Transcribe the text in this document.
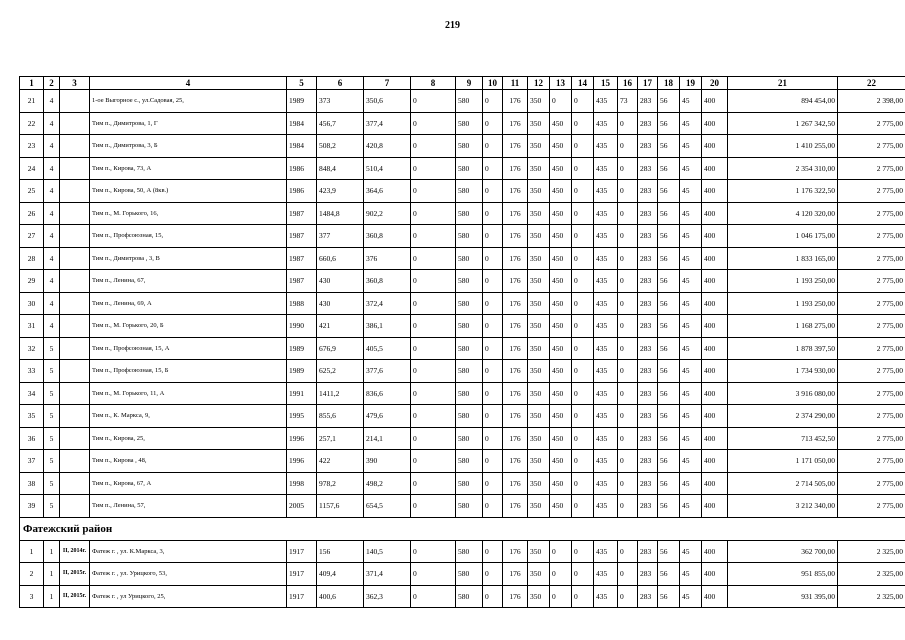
219
1	2	3	4	5	6	7	8	9	10	11	12	13	14	15	16	17	18	19	20	21	22
21	4		1-ое Выгорное с., ул.Садовая, 25,	1989	373	350,6	0	580	0	176	350	0	0	435	73	283	56	45	400	894 454,00	2 398,00
22	4		Тим п., Димитрова, 1, Г	1984	456,7	377,4	0	580	0	176	350	450	0	435	0	283	56	45	400	1 267 342,50	2 775,00
23	4		Тим п., Димитрова, 3, Б	1984	508,2	420,8	0	580	0	176	350	450	0	435	0	283	56	45	400	1 410 255,00	2 775,00
24	4		Тим п., Кирова, 73, А	1986	848,4	510,4	0	580	0	176	350	450	0	435	0	283	56	45	400	2 354 310,00	2 775,00
25	4		Тим п., Кирова, 50, А (8кв.)	1986	423,9	364,6	0	580	0	176	350	450	0	435	0	283	56	45	400	1 176 322,50	2 775,00
26	4		Тим п., М. Горького, 16,	1987	1484,8	902,2	0	580	0	176	350	450	0	435	0	283	56	45	400	4 120 320,00	2 775,00
27	4		Тим п., Профсоюзная, 15,	1987	377	360,8	0	580	0	176	350	450	0	435	0	283	56	45	400	1 046 175,00	2 775,00
28	4		Тим п., Димитрова , 3, В	1987	660,6	376	0	580	0	176	350	450	0	435	0	283	56	45	400	1 833 165,00	2 775,00
29	4		Тим п., Ленина, 67,	1987	430	360,8	0	580	0	176	350	450	0	435	0	283	56	45	400	1 193 250,00	2 775,00
30	4		Тим п., Ленина, 69, А	1988	430	372,4	0	580	0	176	350	450	0	435	0	283	56	45	400	1 193 250,00	2 775,00
31	4		Тим п., М. Горького, 20, Б	1990	421	386,1	0	580	0	176	350	450	0	435	0	283	56	45	400	1 168 275,00	2 775,00
32	5		Тим п., Профсоюзная, 15, А	1989	676,9	405,5	0	580	0	176	350	450	0	435	0	283	56	45	400	1 878 397,50	2 775,00
33	5		Тим п., Профсоюзная, 15, Б	1989	625,2	377,6	0	580	0	176	350	450	0	435	0	283	56	45	400	1 734 930,00	2 775,00
34	5		Тим п., М. Горького, 11, А	1991	1411,2	836,6	0	580	0	176	350	450	0	435	0	283	56	45	400	3 916 080,00	2 775,00
35	5		Тим п., К. Маркса, 9,	1995	855,6	479,6	0	580	0	176	350	450	0	435	0	283	56	45	400	2 374 290,00	2 775,00
36	5		Тим п., Кирова, 25,	1996	257,1	214,1	0	580	0	176	350	450	0	435	0	283	56	45	400	713 452,50	2 775,00
37	5		Тим п., Кирова , 48,	1996	422	390	0	580	0	176	350	450	0	435	0	283	56	45	400	1 171 050,00	2 775,00
38	5		Тим п., Кирова, 67, А	1998	978,2	498,2	0	580	0	176	350	450	0	435	0	283	56	45	400	2 714 505,00	2 775,00
39	5		Тим п., Ленина, 57,	2005	1157,6	654,5	0	580	0	176	350	450	0	435	0	283	56	45	400	3 212 340,00	2 775,00
Фатежский район																					
1	1	II, 2014г.	Фатеж г. , ул. К.Маркса, 3,	1917	156	140,5	0	580	0	176	350	0	0	435	0	283	56	45	400	362 700,00	2 325,00
2	1	II, 2015г.	Фатеж г. , ул. Урицкого, 53,	1917	409,4	371,4	0	580	0	176	350	0	0	435	0	283	56	45	400	951 855,00	2 325,00
3	1	II, 2015г.	Фатеж г. , ул Урицкого, 25,	1917	400,6	362,3	0	580	0	176	350	0	0	435	0	283	56	45	400	931 395,00	2 325,00
